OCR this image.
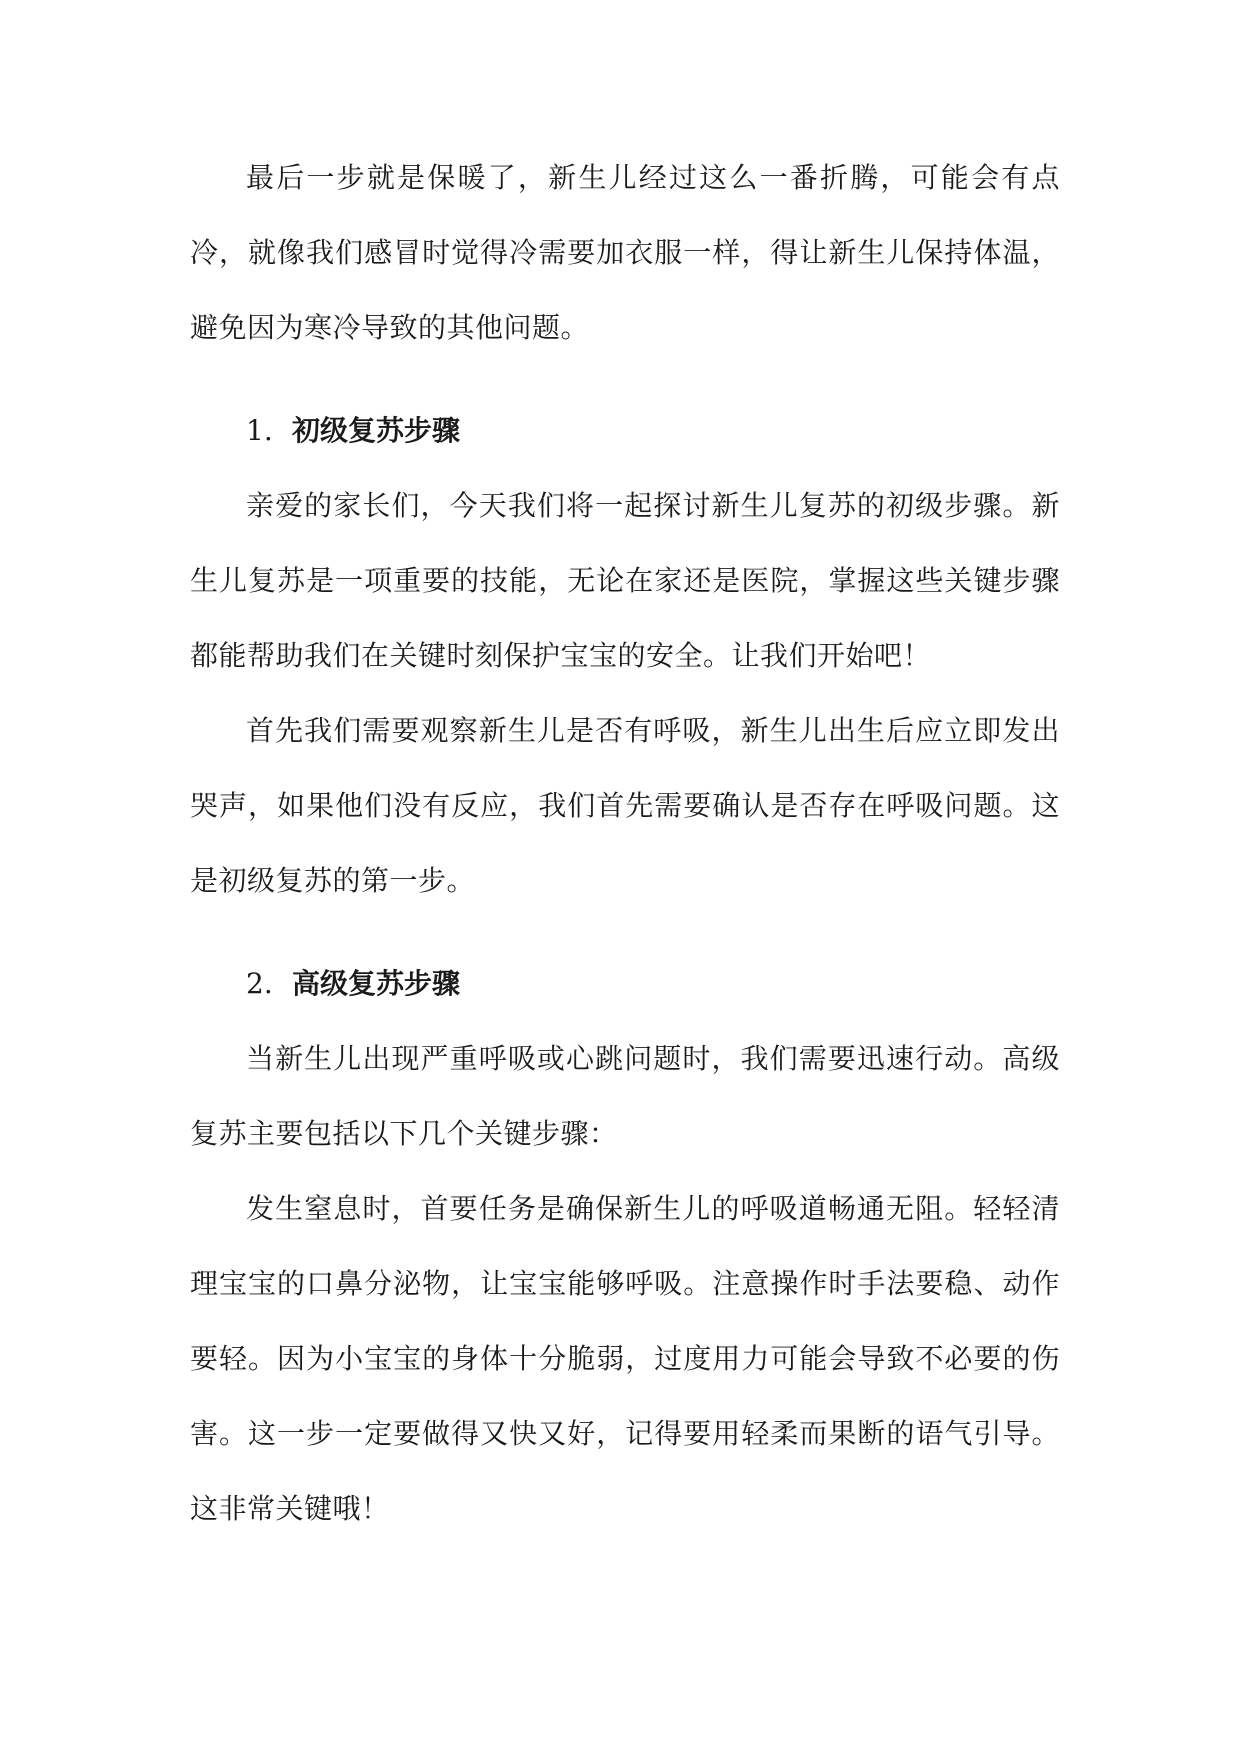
最后一步就是保暖了，新生儿经过这么一番折腾，可能会有点冷，就像我们感冒时觉得冷需要加衣服一样，得让新生儿保持体温，避免因为寒冷导致的其他问题。

1. 初级复苏步骤

亲爱的家长们，今天我们将一起探讨新生儿复苏的初级步骤。新生儿复苏是一项重要的技能，无论在家还是医院，掌握这些关键步骤都能帮助我们在关键时刻保护宝宝的安全。让我们开始吧！

首先我们需要观察新生儿是否有呼吸，新生儿出生后应立即发出哭声，如果他们没有反应，我们首先需要确认是否存在呼吸问题。这是初级复苏的第一步。

2. 高级复苏步骤

当新生儿出现严重呼吸或心跳问题时，我们需要迅速行动。高级复苏主要包括以下几个关键步骤：

发生窒息时，首要任务是确保新生儿的呼吸道畅通无阻。轻轻清理宝宝的口鼻分泌物，让宝宝能够呼吸。注意操作时手法要稳、动作要轻。因为小宝宝的身体十分脆弱，过度用力可能会导致不必要的伤害。这一步一定要做得又快又好，记得要用轻柔而果断的语气引导。这非常关键哦！
